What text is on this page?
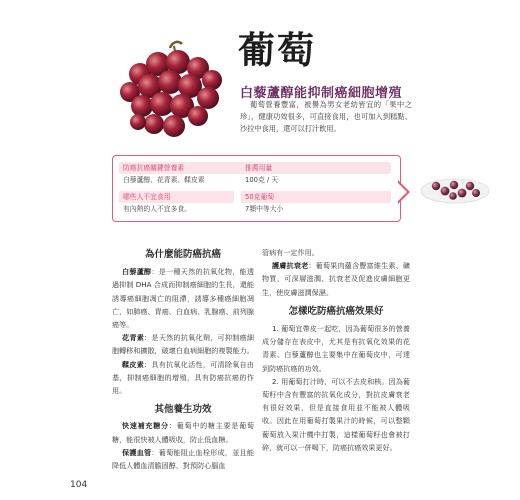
葡萄
白藜蘆醇能抑制癌細胞增殖
葡萄營養豐富，被譽為男女老幼皆宜的「果中之珍」，健康功效很多，可直接食用，也可加入到糕點、沙拉中食用，還可以打汁飲用。
防癌抗癌關鍵營養素
白藜蘆醇、花青素、鞣皮素
推薦用量
100克 / 天
哪些人不宜食用
有內熱的人不宜多食。
50克葡萄
7顆中等大小
為什麼能防癌抗癌

白藜蘆醇：是一種天然的抗氧化物，能透過抑制 DHA 合成而抑制癌細胞的生長，還能誘導癌細胞凋亡的阻滯，誘導多種癌細胞凋亡，如肺癌、胃癌、白血病、乳腺癌、前列腺癌等。

花青素：是天然的抗氧化劑，可抑制癌細胞轉移和擴散，破壞白血病細胞的複製能力。

鞣皮素：具有抗氧化活性，可清除氧自由基，抑制癌細胞的增殖，具有防癌抗癌的作用。

其他養生功效

快速補充糖分：葡萄中的糖主要是葡萄糖，能很快被人體吸收，防止低血糖。

保護血管：葡萄能阻止血栓形成，並且能降低人體血清膽固醇，對預防心腦血

管病有一定作用。

護膚抗衰老：葡萄果肉蘊含豐富維生素、礦物質，可深層滋潤、抗衰老及促進皮膚細胞更生，使皮膚滋潤保濕。

怎樣吃防癌抗癌效果好

1. 葡萄宜帶皮一起吃，因為葡萄很多的營養成分儲存在表皮中，尤其是有抗氧化效果的花青素、白藜蘆醇也主要集中在葡萄皮中，可達到防癌抗癌的功效。

2. 用葡萄打汁時，可以不去皮和核。因為葡萄籽中含有豐富的抗氧化成分，對抗皮膚衰老有很好效果，但是直接食用並不能被人體吸收。因此在用葡萄打製果汁的時候，可以整顆葡萄放入果汁機中打製，這樣葡萄籽也會被打碎，就可以一併喝下，防癌抗癌效果更好。

104
